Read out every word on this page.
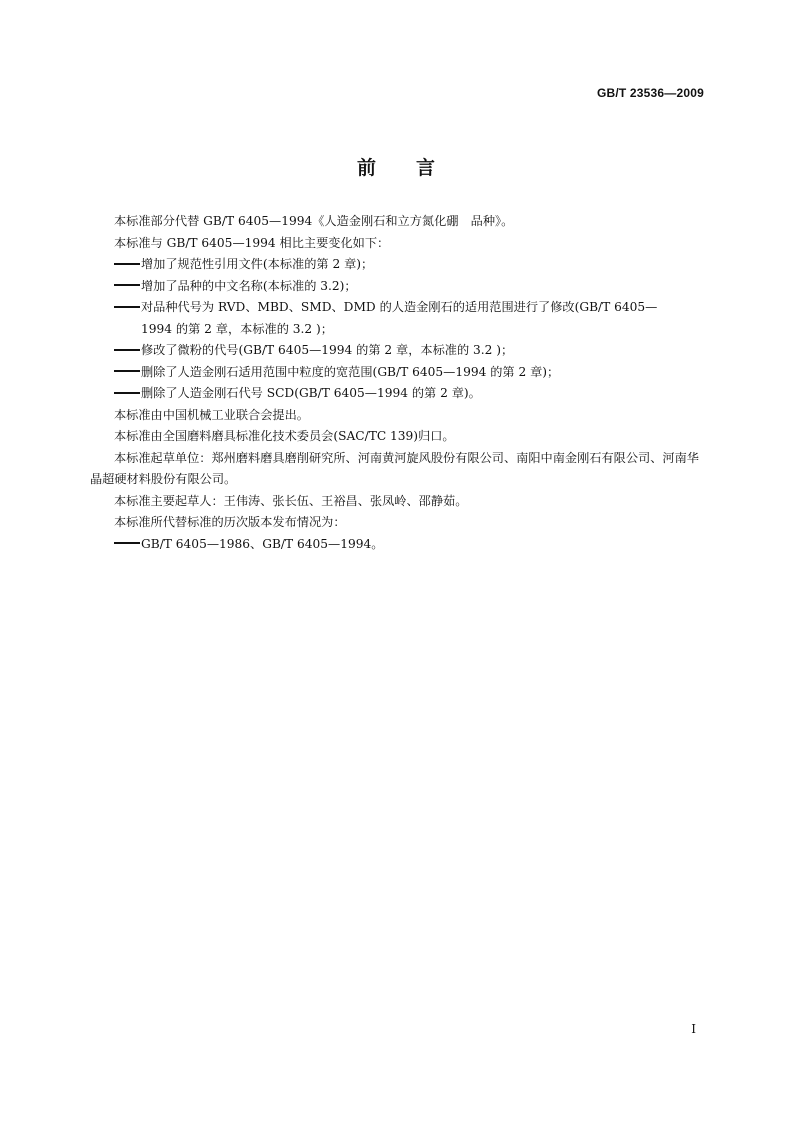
GB/T 23536—2009
前 言

本标准部分代替 GB/T 6405—1994《人造金刚石和立方氮化硼　品种》。

本标准与 GB/T 6405—1994 相比主要变化如下：

增加了规范性引用文件(本标准的第 2 章)；

增加了品种的中文名称(本标准的 3.2)；

对品种代号为 RVD、MBD、SMD、DMD 的人造金刚石的适用范围进行了修改(GB/T 6405—
1994 的第 2 章，本标准的 3.2 )；

修改了微粉的代号(GB/T 6405—1994 的第 2 章，本标准的 3.2 )；

删除了人造金刚石适用范围中粒度的宽范围(GB/T 6405—1994 的第 2 章)；

删除了人造金刚石代号 SCD(GB/T 6405—1994 的第 2 章)。

本标准由中国机械工业联合会提出。

本标准由全国磨料磨具标准化技术委员会(SAC/TC 139)归口。

本标准起草单位：郑州磨料磨具磨削研究所、河南黄河旋风股份有限公司、南阳中南金刚石有限公司、河南华晶超硬材料股份有限公司。

本标准主要起草人：王伟涛、张长伍、王裕昌、张凤岭、邵静茹。

本标准所代替标准的历次版本发布情况为：

GB/T 6405—1986、GB/T 6405—1994。

I
